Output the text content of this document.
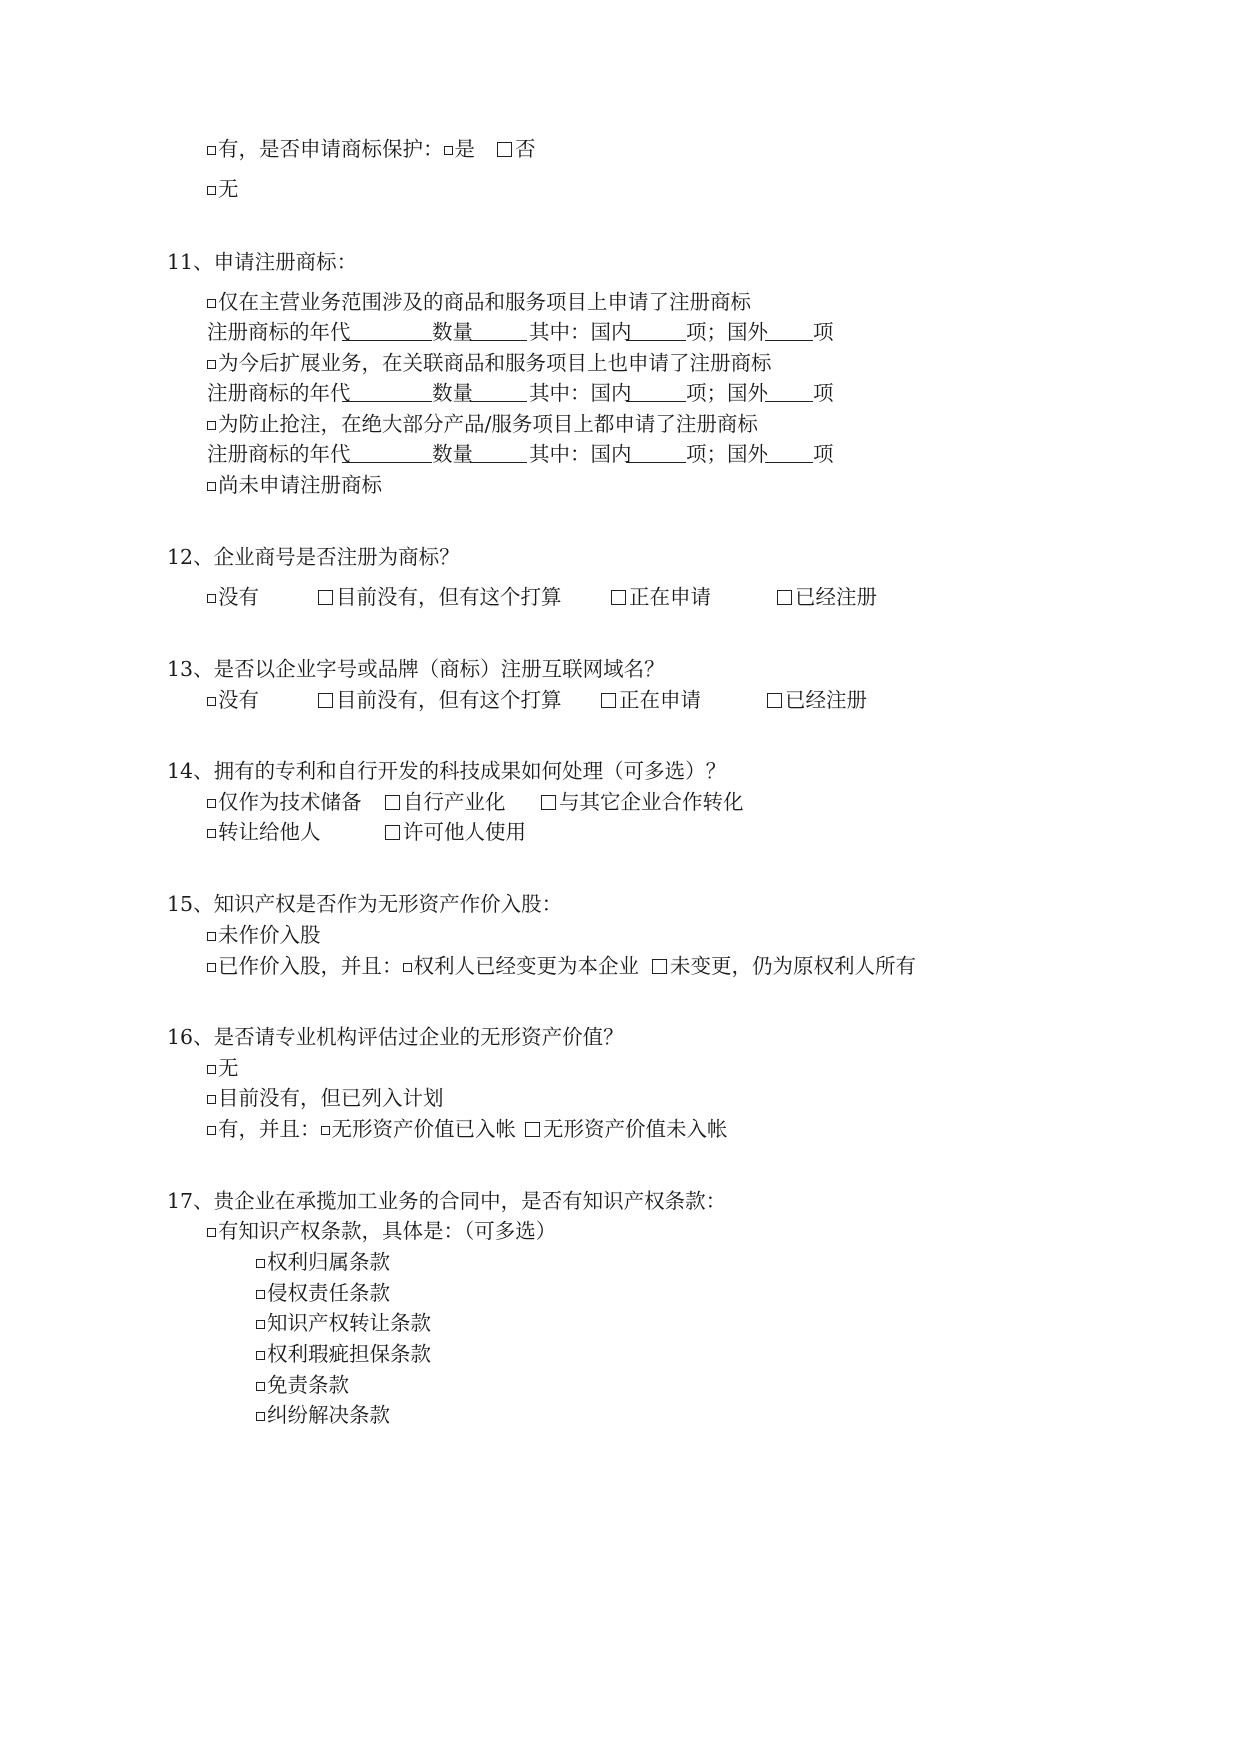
有，是否申请商标保护： 是	否
无
11、申请注册商标：
仅在主营业务范围涉及的商品和服务项目上申请了注册商标
注册商标的年代	数量	其中：国内	项；国外 项
为今后扩展业务，在关联商品和服务项目上也申请了注册商标
注册商标的年代	数量	其中：国内	项；国外 项
为防止抢注，在绝大部分产品/服务项目上都申请了注册商标
注册商标的年代	数量	其中：国内	项；国外 项
尚未申请注册商标
12、企业商号是否注册为商标？
没有	目前没有，但有这个打算	正在申请	已经注册
13、是否以企业字号或品牌（商标）注册互联网域名？
没有	目前没有，但有这个打算	正在申请	已经注册
14、拥有的专利和自行开发的科技成果如何处理（可多选）？
仅作为技术储备	自行产业化	与其它企业合作转化
转让给他人	许可他人使用
15、知识产权是否作为无形资产作价入股：
未作价入股
已作价入股，并且： 权利人已经变更为本企业	未变更，仍为原权利人所有
16、是否请专业机构评估过企业的无形资产价值？
无
目前没有，但已列入计划
有，并且： 无形资产价值已入帐	无形资产价值未入帐
17、贵企业在承揽加工业务的合同中，是否有知识产权条款：
有知识产权条款，具体是：（可多选）
权利归属条款
侵权责任条款
知识产权转让条款
权利瑕疵担保条款
免责条款
纠纷解决条款
